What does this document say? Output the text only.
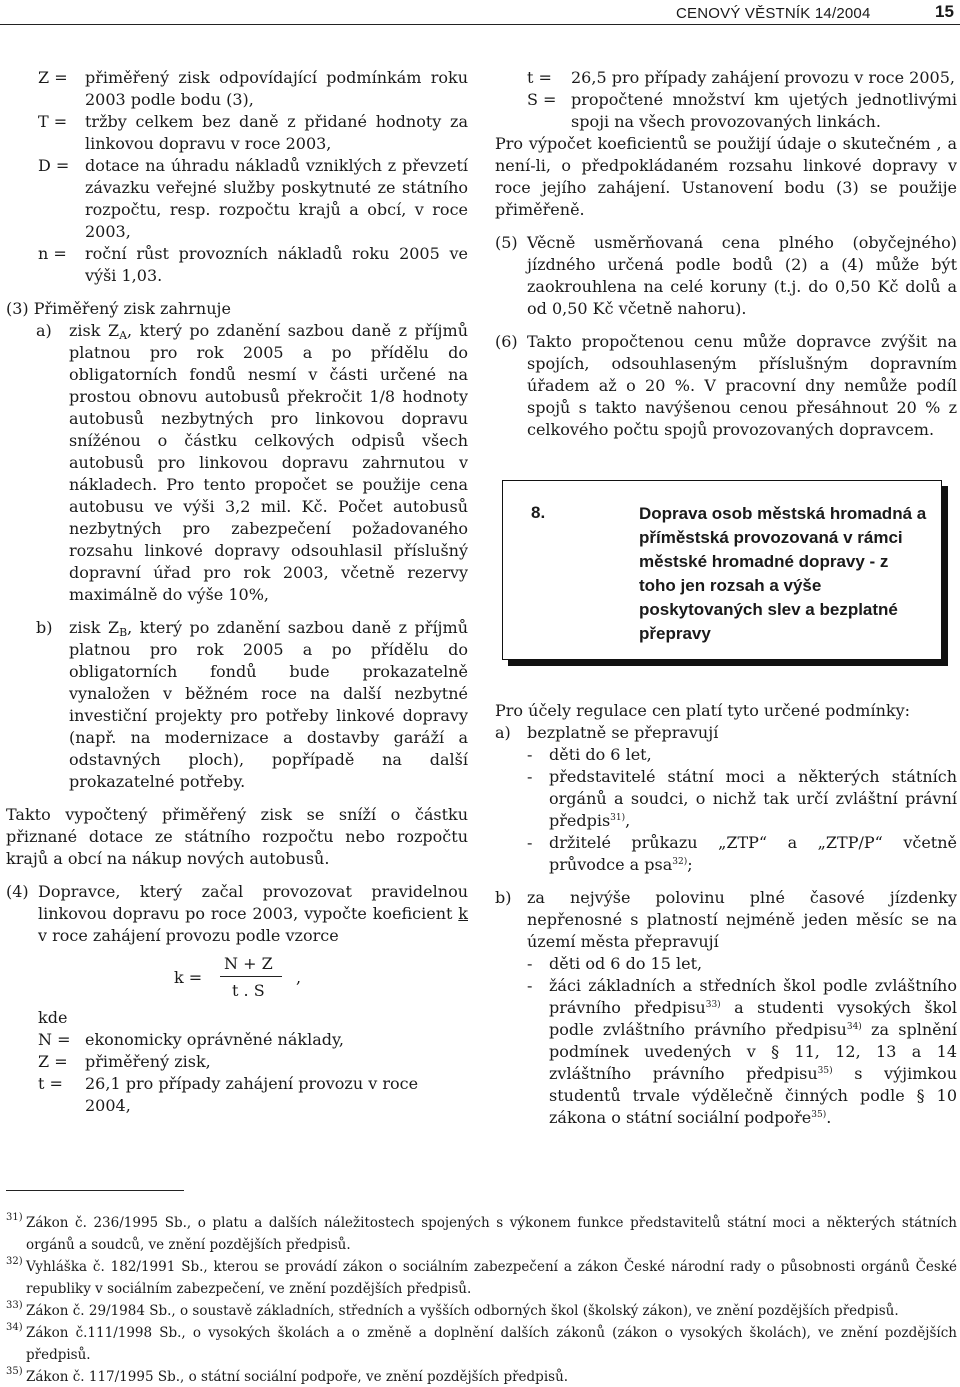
CENOVÝ VĚSTNÍK 14/2004	15
Z =	přiměřený zisk odpovídající podmínkám roku 2003 podle bodu (3),
T =	tržby celkem bez daně z přidané hodnoty za linkovou dopravu v roce 2003,
D = dotace na úhradu nákladů vzniklých z převzetí závazku veřejné služby poskytnuté ze státního rozpočtu, resp. rozpočtu krajů a obcí, v roce 2003,
n =	roční růst provozních nákladů roku 2005 ve výši 1,03.

(3) Přiměřený zisk zahrnuje

a) zisk $Z_A$, který po zdanění sazbou daně z příjmů platnou pro rok 2005 a po přídělu do obligatorních fondů nesmí v části určené na prostou obnovu autobusů překročit 1/8 hodnoty autobusů nezbytných pro linkovou dopravu snížénou o částku celkových odpisů všech autobusů pro linkovou dopravu zahrnutou v nákladech. Pro tento propočet se použije cena autobusu ve výši 3,2 mil. Kč. Počet autobusů nezbytných pro zabezpečení požadovaného rozsahu linkové dopravy odsouhlasil příslušný dopravní úřad pro rok 2003, včetně rezervy maximálně do výše 10%,
b) zisk $Z_B$, který po zdanění sazbou daně z příjmů platnou pro rok 2005 a po přídělu do obligatorních fondů bude prokazatelně vynaložen v běžném roce na další nezbytné investiční projekty pro potřeby linkové dopravy (např. na modernizace a dostavby garáží a odstavných ploch), popřípadě na další prokazatelné potřeby.

Takto vypočtený přiměřený zisk se sníží o částku přiznané dotace ze státního rozpočtu nebo rozpočtu krajů a obcí na nákup nových autobusů.

(4) Dopravce, který začal provozovat pravidelnou linkovou dopravu po roce 2003, vypočte koeficient k v roce zahájení provozu podle vzorce
k =
N + Z
t . S
,

kde

N = ekonomicky oprávněné náklady,
Z =	přiměřený zisk,
t =	26,1 pro případy zahájení provozu v roce 2004,
t =	26,5 pro případy zahájení provozu v roce 2005,
S = propočtené množství km ujetých jednotlivými spoji na všech provozovaných linkách.

Pro výpočet koeficientů se použijí údaje o skutečném , a není-li, o předpokládaném rozsahu linkové dopravy v roce jejího zahájení. Ustanovení bodu (3) se použije přiměřeně.

(5) Věcně usměrňovaná cena plného (obyčejného) jízdného určená podle bodů (2) a (4) může být zaokrouhlena na celé koruny (t.j. do 0,50 Kč dolů a od 0,50 Kč včetně nahoru).
(6) Takto propočtenou cenu může dopravce zvýšit na spojích, odsouhlaseným příslušným dopravním úřadem až o 20 %. V pracovní dny nemůže podíl spojů s takto navýšenou cenou přesáhnout 20 % z celkového počtu spojů provozovaných dopravcem.
8.	Doprava osob městská hromadná a příměstská provozovaná v rámci městské hromadné dopravy - z toho jen rozsah a výše poskytovaných slev a bezplatné přepravy

Pro účely regulace cen platí tyto určené podmínky:

a) bezplatně se přepravují
- děti do 6 let,
- představitelé státní moci a některých státních orgánů a soudci, o nichž tak určí zvláštní právní předpis$^{31)}$,
- držitelé průkazu „ZTP“ a „ZTP/P“ včetně průvodce a psa$^{32)}$;
b) za nejvýše polovinu plné časové jízdenky nepřenosné s platností nejméně jeden měsíc se na území města přepravují
- děti od 6 do 15 let,
- žáci základních a středních škol podle zvláštního právního předpisu$^{33)}$ a studenti vysokých škol podle zvláštního právního předpisu$^{34)}$ za splnění podmínek uvedených v § 11, 12, 13 a 14 zvláštního právního předpisu$^{35)}$ s výjimkou studentů trvale výdělečně činných podle § 10 zákona o státní sociální podpoře$^{35)}$.
31) Zákon č. 236/1995 Sb., o platu a dalších náležitostech spojených s výkonem funkce představitelů státní moci a některých státních orgánů a soudců, ve znění pozdějších předpisů.
32) Vyhláška č. 182/1991 Sb., kterou se provádí zákon o sociálním zabezpečení a zákon České národní rady o působnosti orgánů České republiky v sociálním zabezpečení, ve znění pozdějších předpisů.
33) Zákon č. 29/1984 Sb., o soustavě základních, středních a vyšších odborných škol (školský zákon), ve znění pozdějších předpisů.
34) Zákon č.111/1998 Sb., o vysokých školách a o změně a doplnění dalších zákonů (zákon o vysokých školách), ve znění pozdějších předpisů.
35) Zákon č. 117/1995 Sb., o státní sociální podpoře, ve znění pozdějších předpisů.
